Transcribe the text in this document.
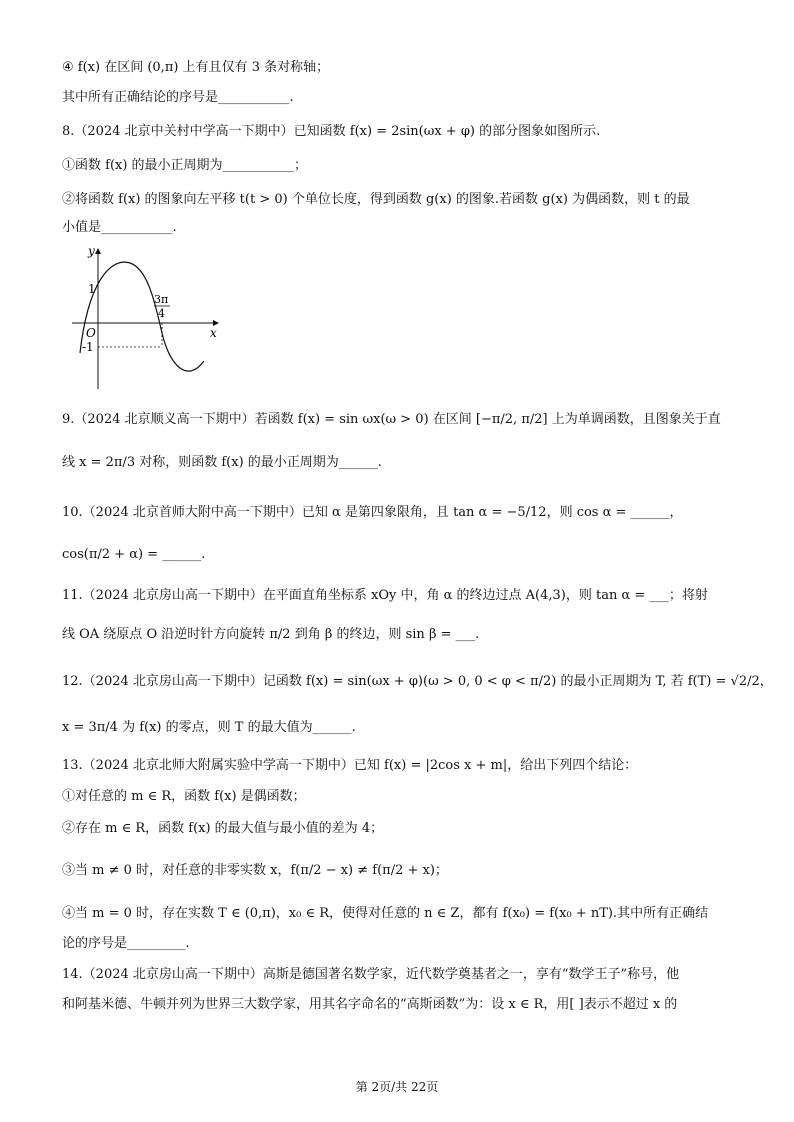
④ f(x) 在区间 (0,π) 上有且仅有 3 条对称轴；
其中所有正确结论的序号是___________.
8.（2024 北京中关村中学高一下期中）已知函数 f(x) = 2sin(ωx + φ) 的部分图象如图所示.
①函数 f(x) 的最小正周期为___________；
②将函数 f(x) 的图象向左平移 t(t > 0) 个单位长度，得到函数 g(x) 的图象.若函数 g(x) 为偶函数，则 t 的最
小值是___________.
y
x
O
1
-1
3π
4
9.（2024 北京顺义高一下期中）若函数 f(x) = sin ωx(ω > 0) 在区间 [−π/2, π/2] 上为单调函数，且图象关于直
线 x = 2π/3 对称，则函数 f(x) 的最小正周期为______.
10.（2024 北京首师大附中高一下期中）已知 α 是第四象限角，且 tan α = −5/12，则 cos α = ______，
cos(π/2 + α) = ______.
11.（2024 北京房山高一下期中）在平面直角坐标系 xOy 中，角 α 的终边过点 A(4,3)，则 tan α = ___；将射
线 OA 绕原点 O 沿逆时针方向旋转 π/2 到角 β 的终边，则 sin β = ___.
12.（2024 北京房山高一下期中）记函数 f(x) = sin(ωx + φ)(ω > 0, 0 < φ < π/2) 的最小正周期为 T, 若 f(T) = √2/2，
x = 3π/4 为 f(x) 的零点，则 T 的最大值为______.
13.（2024 北京北师大附属实验中学高一下期中）已知 f(x) = |2cos x + m|，给出下列四个结论：
①对任意的 m ∈ R，函数 f(x) 是偶函数；
②存在 m ∈ R，函数 f(x) 的最大值与最小值的差为 4；
③当 m ≠ 0 时，对任意的非零实数 x，f(π/2 − x) ≠ f(π/2 + x)；
④当 m = 0 时，存在实数 T ∈ (0,π)，x₀ ∈ R，使得对任意的 n ∈ Z，都有 f(x₀) = f(x₀ + nT).其中所有正确结
论的序号是_________.
14.（2024 北京房山高一下期中）高斯是德国著名数学家，近代数学奠基者之一，享有“数学王子”称号，他
和阿基米德、牛顿并列为世界三大数学家，用其名字命名的“高斯函数”为：设 x ∈ R，用[ ]表示不超过 x 的
第 2页/共 22页
